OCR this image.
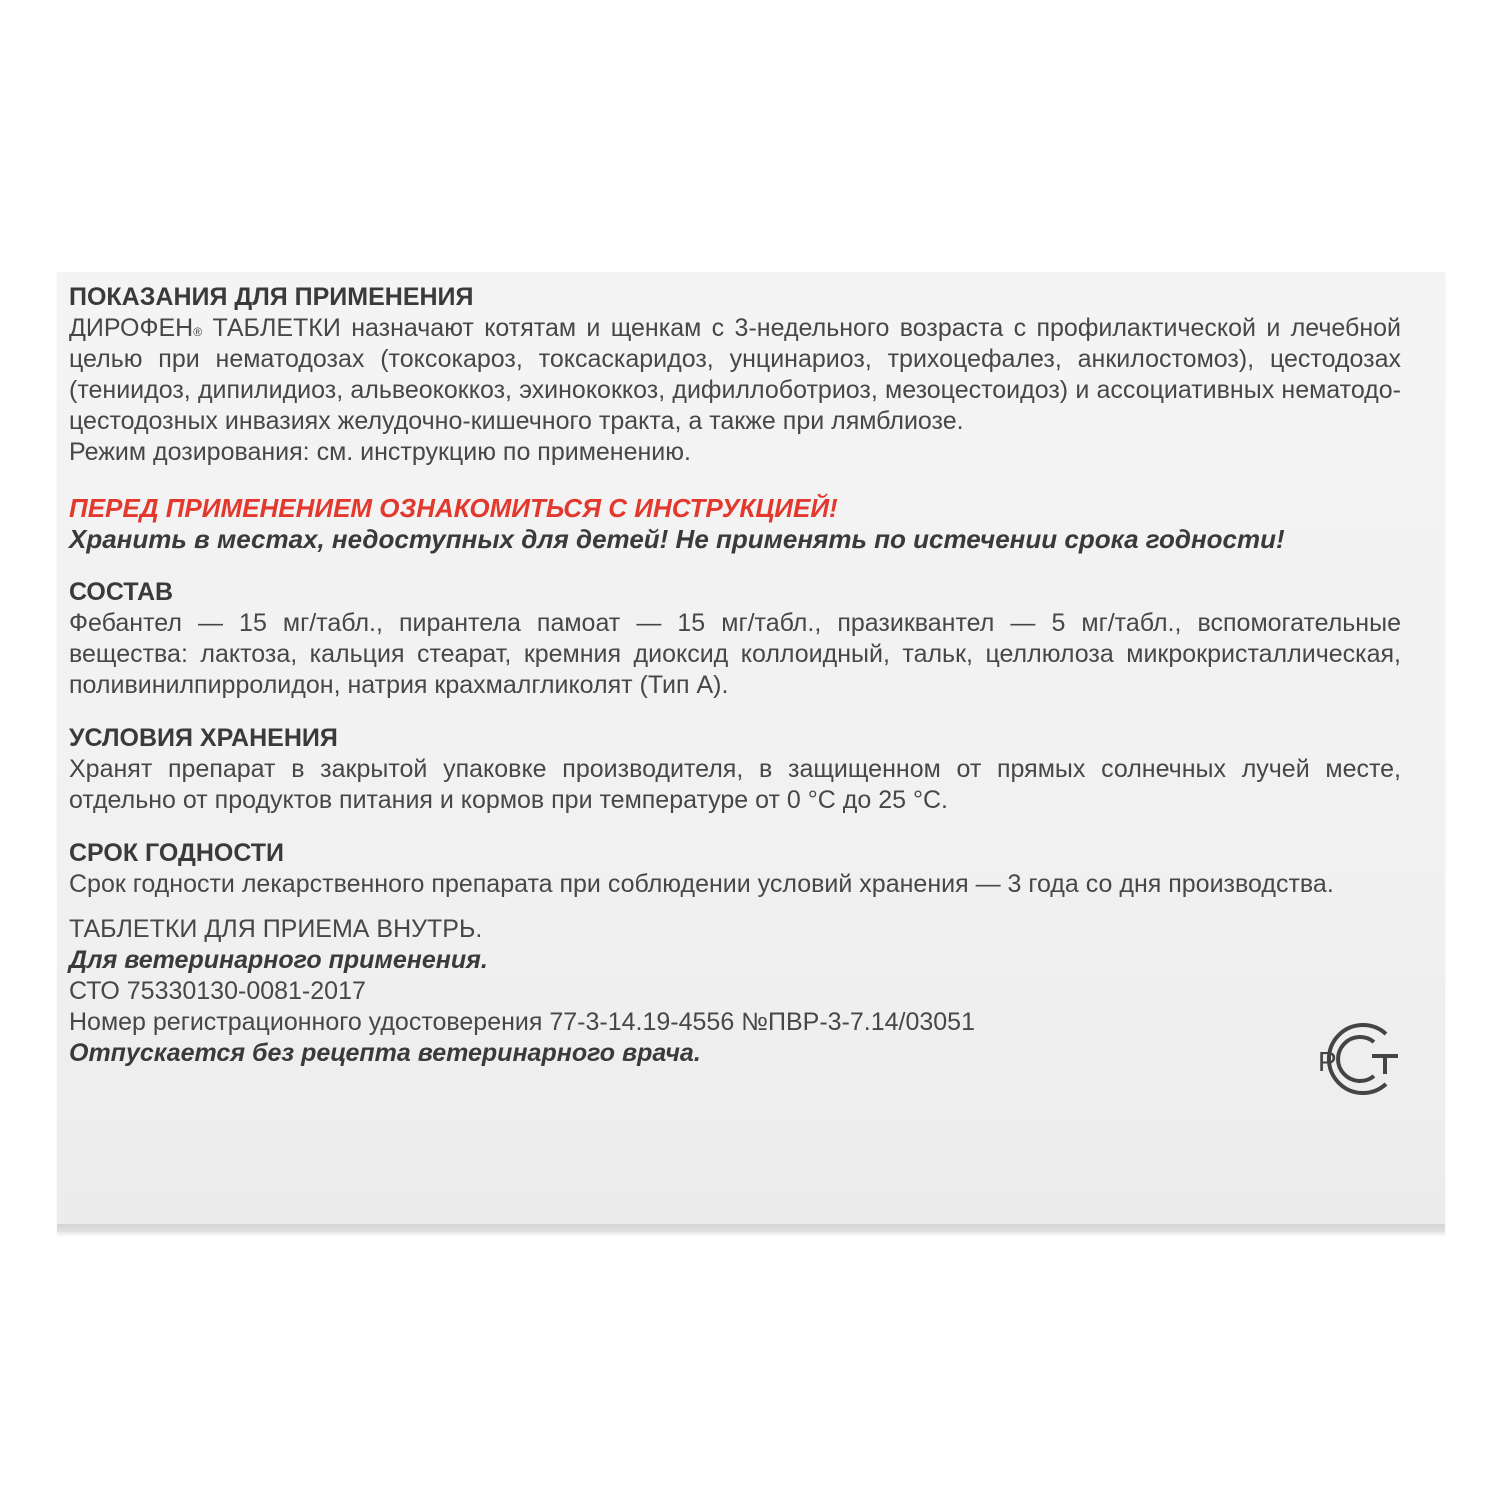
ПОКАЗАНИЯ ДЛЯ ПРИМЕНЕНИЯ

ДИРОФЕН® ТАБЛЕТКИ назначают котятам и щенкам с 3-недельного возраста с профилактической и лечебной целью при нематодозах (токсокароз, токсаскаридоз, унцинариоз, трихоцефалез, анкилостомоз), цестодозах (тениидоз, дипилидиоз, альвеококкоз, эхинококкоз, дифиллоботриоз, мезоцестоидоз) и ассоциативных нематодо-цестодозных инвазиях желудочно-кишечного тракта, а также при лямблиозе.

Режим дозирования: см. инструкцию по применению.

ПЕРЕД ПРИМЕНЕНИЕМ ОЗНАКОМИТЬСЯ С ИНСТРУКЦИЕЙ!

Хранить в местах, недоступных для детей! Не применять по истечении срока годности!

СОСТАВ

Фебантел — 15 мг/табл., пирантела памоат — 15 мг/табл., празиквантел — 5 мг/табл., вспомогательные вещества: лактоза, кальция стеарат, кремния диоксид коллоидный, тальк, целлюлоза микрокристаллическая, поливинилпирролидон, натрия крахмалгликолят (Тип А).

УСЛОВИЯ ХРАНЕНИЯ

Хранят препарат в закрытой упаковке производителя, в защищенном от прямых солнечных лучей месте, отдельно от продуктов питания и кормов при температуре от 0 °С до 25 °С.

СРОК ГОДНОСТИ

Срок годности лекарственного препарата при соблюдении условий хранения — 3 года со дня производства.

ТАБЛЕТКИ ДЛЯ ПРИЕМА ВНУТРЬ.

Для ветеринарного применения.

СТО 75330130-0081-2017

Номер регистрационного удостоверения 77-3-14.19-4556 №ПВР-3-7.14/03051

Отпускается без рецепта ветеринарного врача.	Р
